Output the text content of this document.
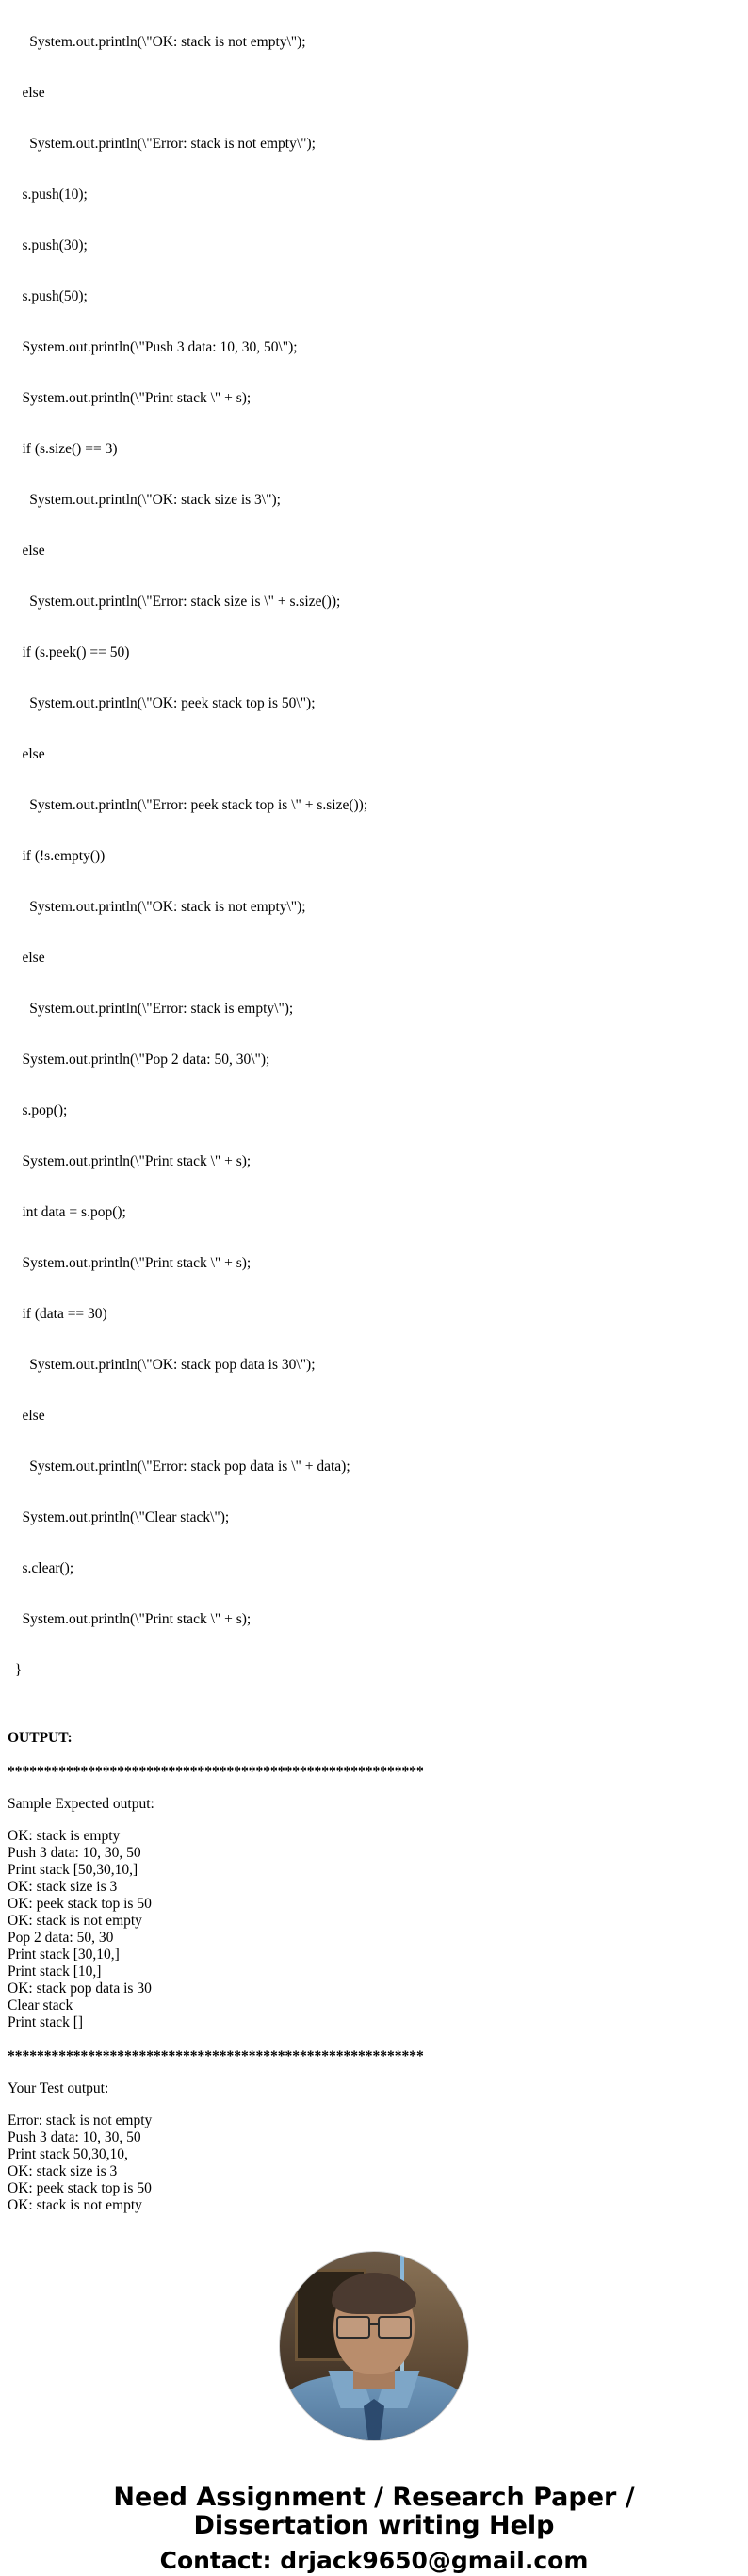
System.out.println(\"OK: stack is not empty\");

else

System.out.println(\"Error: stack is not empty\");

s.push(10);

s.push(30);

s.push(50);

System.out.println(\"Push 3 data: 10, 30, 50\");

System.out.println(\"Print stack \" + s);

if (s.size() == 3)

System.out.println(\"OK: stack size is 3\");

else

System.out.println(\"Error: stack size is \" + s.size());

if (s.peek() == 50)

System.out.println(\"OK: peek stack top is 50\");

else

System.out.println(\"Error: peek stack top is \" + s.size());

if (!s.empty())

System.out.println(\"OK: stack is not empty\");

else

System.out.println(\"Error: stack is empty\");

System.out.println(\"Pop 2 data: 50, 30\");

s.pop();

System.out.println(\"Print stack \" + s);

int data = s.pop();

System.out.println(\"Print stack \" + s);

if (data == 30)

System.out.println(\"OK: stack pop data is 30\");

else

System.out.println(\"Error: stack pop data is \" + data);

System.out.println(\"Clear stack\");

s.clear();

System.out.println(\"Print stack \" + s);

}

OUTPUT:
*********************************************************
Sample Expected output:
OK: stack is empty
Push 3 data: 10, 30, 50
Print stack [50,30,10,]
OK: stack size is 3
OK: peek stack top is 50
OK: stack is not empty
Pop 2 data: 50, 30
Print stack [30,10,]
Print stack [10,]
OK: stack pop data is 30
Clear stack
Print stack []
*********************************************************
Your Test output:
Error: stack is not empty
Push 3 data: 10, 30, 50
Print stack 50,30,10,
OK: stack size is 3
OK: peek stack top is 50
OK: stack is not empty
Need Assignment / Research Paper / Dissertation writing Help
Contact: drjack9650@gmail.com
